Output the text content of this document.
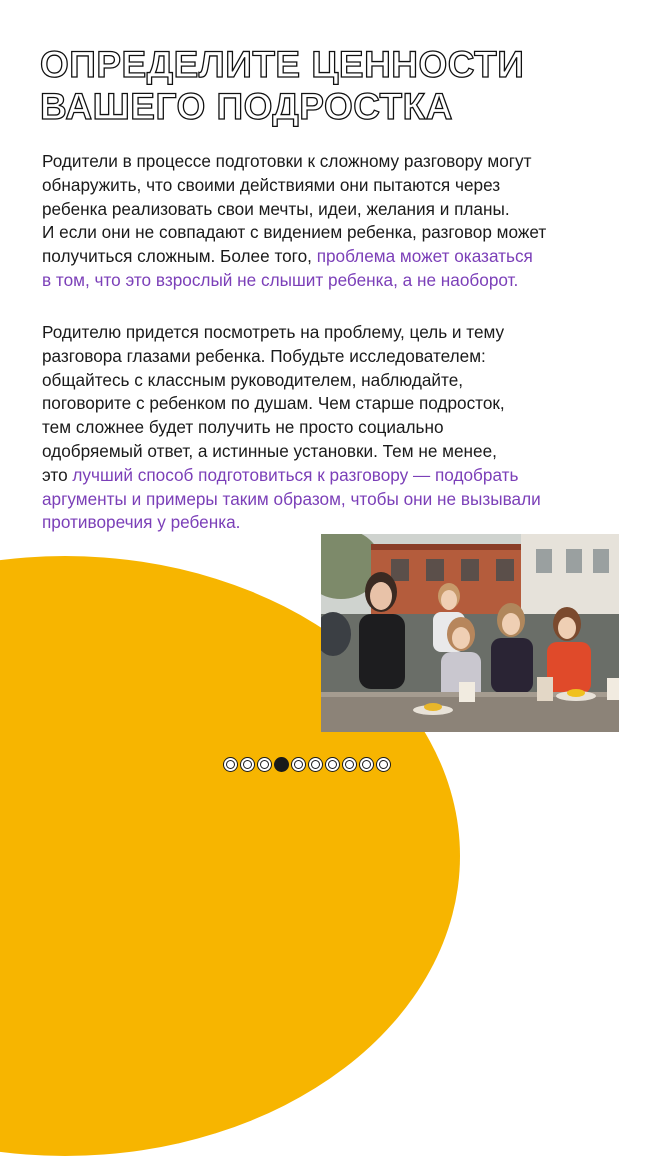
ОПРЕДЕЛИТЕ ЦЕННОСТИ
ВАШЕГО ПОДРОСТКА

Родители в процессе подготовки к сложному разговору могут
обнаружить, что своими действиями они пытаются через
ребенка реализовать свои мечты, идеи, желания и планы.
И если они не совпадают с видением ребенка, разговор может
получиться сложным. Более того, проблема может оказаться
в том, что это взрослый не слышит ребенка, а не наоборот.

Родителю придется посмотреть на проблему, цель и тему
разговора глазами ребенка. Побудьте исследователем:
общайтесь с классным руководителем, наблюдайте,
поговорите с ребенком по душам. Чем старше подросток,
тем сложнее будет получить не просто социально
одобряемый ответ, а истинные установки. Тем не менее,
это лучший способ подготовиться к разговору — подобрать
аргументы и примеры таким образом, чтобы они не вызывали
противоречия у ребенка.
